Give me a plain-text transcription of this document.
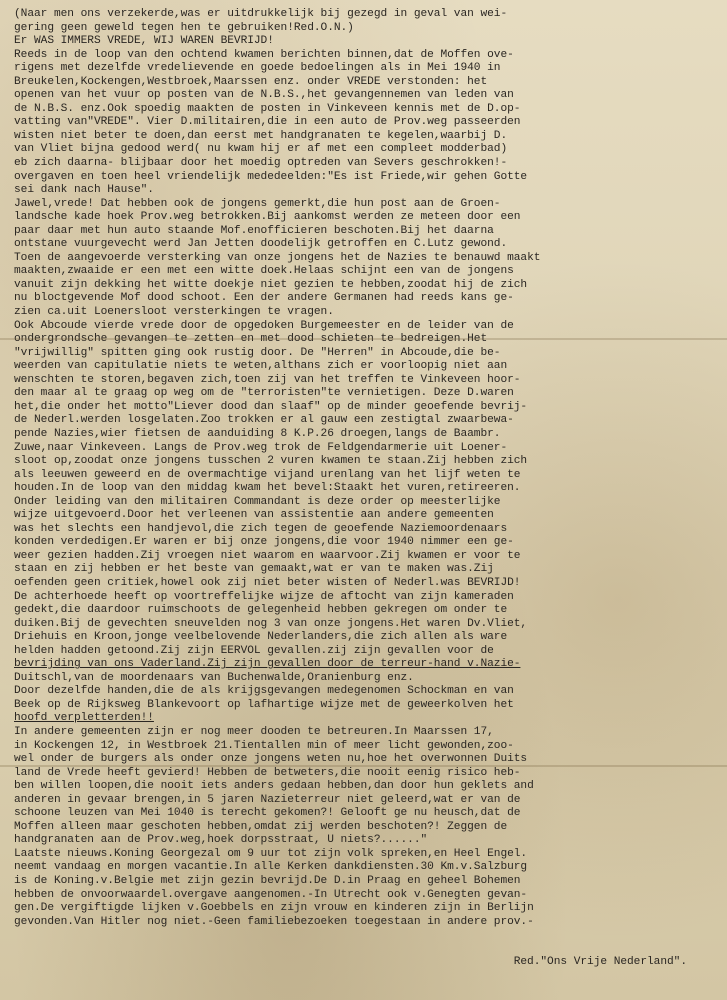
(Naar men ons verzekerde,was er uitdrukkelijk bij gezegd in geval van wei-
gering geen geweld tegen hen te gebruiken!Red.O.N.)
Er WAS IMMERS VREDE, WIJ WAREN BEVRIJD!
Reeds in de loop van den ochtend kwamen berichten binnen,dat de Moffen ove-
rigens met dezelfde vredelievende en goede bedoelingen als in Mei 1940 in
Breukelen,Kockengen,Westbroek,Maarssen enz. onder VREDE verstonden: het
openen van het vuur op posten van de N.B.S.,het gevangennemen van leden van
de N.B.S. enz.Ook spoedig maakten de posten in Vinkeveen kennis met de D.op-
vatting van"VREDE". Vier D.militairen,die in een auto de Prov.weg passeerden
wisten niet beter te doen,dan eerst met handgranaten te kegelen,waarbij D.
van Vliet bijna gedood werd( nu kwam hij er af met een compleet modderbad)
eb zich daarna- blijbaar door het moedig optreden van Severs geschrokken!-
overgaven en toen heel vriendelijk mededeelden:"Es ist Friede,wir gehen Gotte
sei dank nach Hause".
Jawel,vrede! Dat hebben ook de jongens gemerkt,die hun post aan de Groen-
landsche kade hoek Prov.weg betrokken.Bij aankomst werden ze meteen door een
paar daar met hun auto staande Mof.enofficieren beschoten.Bij het daarna
ontstane vuurgevecht werd Jan Jetten doodelijk getroffen en C.Lutz gewond.
Toen de aangevoerde versterking van onze jongens het de Nazies te benauwd maakt
maakten,zwaaide er een met een witte doek.Helaas schijnt een van de jongens
vanuit zijn dekking het witte doekje niet gezien te hebben,zoodat hij de zich
nu bloctgevende Mof dood schoot. Een der andere Germanen had reeds kans ge-
zien ca.uit Loenersloot versterkingen te vragen.
Ook Abcoude vierde vrede door de opgedoken Burgemeester en de leider van de
ondergrondsche gevangen te zetten en met dood schieten te bedreigen.Het
"vrijwillig" spitten ging ook rustig door. De "Herren" in Abcoude,die be-
weerden van capitulatie niets te weten,althans zich er voorloopig niet aan
wenschten te storen,begaven zich,toen zij van het treffen te Vinkeveen hoor-
den maar al te graag op weg om de "terroristen"te vernietigen. Deze D.waren
het,die onder het motto"Liever dood dan slaaf" op de minder geoefende bevrij-
de Nederl.werden losgelaten.Zoo trokken er al gauw een zestigtal zwaarbewa-
pende Nazies,wier fietsen de aanduiding 8 K.P.26 droegen,langs de Baambr.
Zuwe,naar Vinkeveen. Langs de Prov.weg trok de Feldgendarmerie uit Loener-
sloot op,zoodat onze jongens tusschen 2 vuren kwamen te staan.Zij hebben zich
als leeuwen geweerd en de overmachtige vijand urenlang van het lijf weten te
houden.In de loop van den middag kwam het bevel:Staakt het vuren,retireeren.
Onder leiding van den militairen Commandant is deze order op meesterlijke
wijze uitgevoerd.Door het verleenen van assistentie aan andere gemeenten
was het slechts een handjevol,die zich tegen de geoefende Naziemoordenaars
konden verdedigen.Er waren er bij onze jongens,die voor 1940 nimmer een ge-
weer gezien hadden.Zij vroegen niet waarom en waarvoor.Zij kwamen er voor te
staan en zij hebben er het beste van gemaakt,wat er van te maken was.Zij
oefenden geen critiek,howel ook zij niet beter wisten of Nederl.was BEVRIJD!
De achterhoede heeft op voortreffelijke wijze de aftocht van zijn kameraden
gedekt,die daardoor ruimschoots de gelegenheid hebben gekregen om onder te
duiken.Bij de gevechten sneuvelden nog 3 van onze jongens.Het waren Dv.Vliet,
Driehuis en Kroon,jonge veelbelovende Nederlanders,die zich allen als ware
helden hadden getoond.Zij zijn EERVOL gevallen.zij zijn gevallen voor de
bevrijding van ons Vaderland.Zij zijn gevallen door de terreur-hand v.Nazie-
Duitschl,van de moordenaars van Buchenwalde,Oranienburg enz.
Door dezelfde handen,die de als krijgsgevangen medegenomen Schockman en van
Beek op de Rijksweg Blankevoort op lafhartige wijze met de geweerkolven het
hoofd verpletterden!!
In andere gemeenten zijn er nog meer dooden te betreuren.In Maarssen 17,
in Kockengen 12, in Westbroek 21.Tientallen min of meer licht gewonden,zoo-
wel onder de burgers als onder onze jongens weten nu,hoe het overwonnen Duits
land de Vrede heeft gevierd! Hebben de betweters,die nooit eenig risico heb-
ben willen loopen,die nooit iets anders gedaan hebben,dan door hun geklets and
anderen in gevaar brengen,in 5 jaren Nazieterreur niet geleerd,wat er van de
schoone leuzen van Mei 1040 is terecht gekomen?! Gelooft ge nu heusch,dat de
Moffen alleen maar geschoten hebben,omdat zij werden beschoten?! Zeggen de
handgranaten aan de Prov.weg,hoek dorpsstraat, U niets?......"
Laatste nieuws.Koning Georgezal om 9 uur tot zijn volk spreken,en Heel Engel.
neemt vandaag en morgen vacantie.In alle Kerken dankdiensten.30 Km.v.Salzburg
is de Koning.v.Belgie met zijn gezin bevrijd.De D.in Praag en geheel Bohemen
hebben de onvoorwaardel.overgave aangenomen.-In Utrecht ook v.Genegten gevan-
gen.De vergiftigde lijken v.Goebbels en zijn vrouw en kinderen zijn in Berlijn
gevonden.Van Hitler nog niet.-Geen familiebezoeken toegestaan in andere prov.-
Red."Ons Vrije Nederland".
